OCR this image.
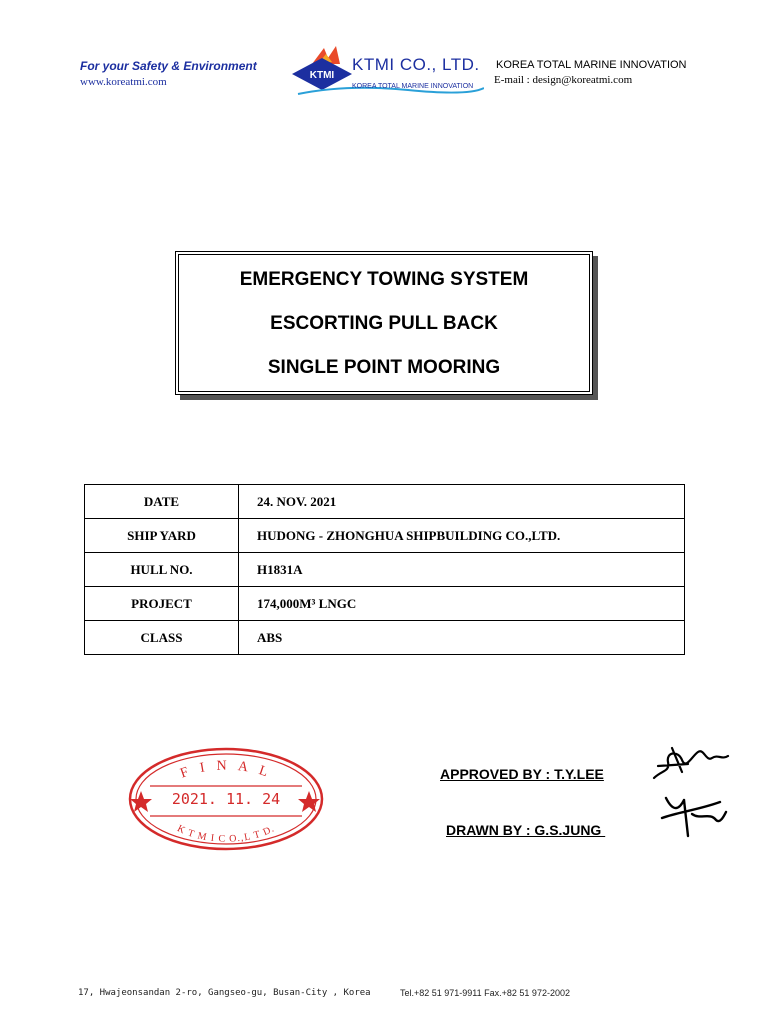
For your Safety & Environment
www.koreatmi.com
KTMI
KTMI CO., LTD.
KOREA TOTAL MARINE INNOVATION
KOREA TOTAL MARINE INNOVATION
E-mail : design@koreatmi.com
EMERGENCY TOWING SYSTEM
ESCORTING PULL BACK
SINGLE POINT MOORING
DATE	24. NOV. 2021
SHIP YARD	HUDONG - ZHONGHUA SHIPBUILDING CO.,LTD.
HULL NO.	H1831A
PROJECT	174,000M³ LNGC
CLASS	ABS
F I N A L
K T M I C O.,L T D.
2021. 11. 24
APPROVED BY : T.Y.LEE
DRAWN BY : G.S.JUNG
17, Hwajeonsandan 2-ro, Gangseo-gu, Busan-City , Korea	Tel.+82 51 971-9911 Fax.+82 51 972-2002
